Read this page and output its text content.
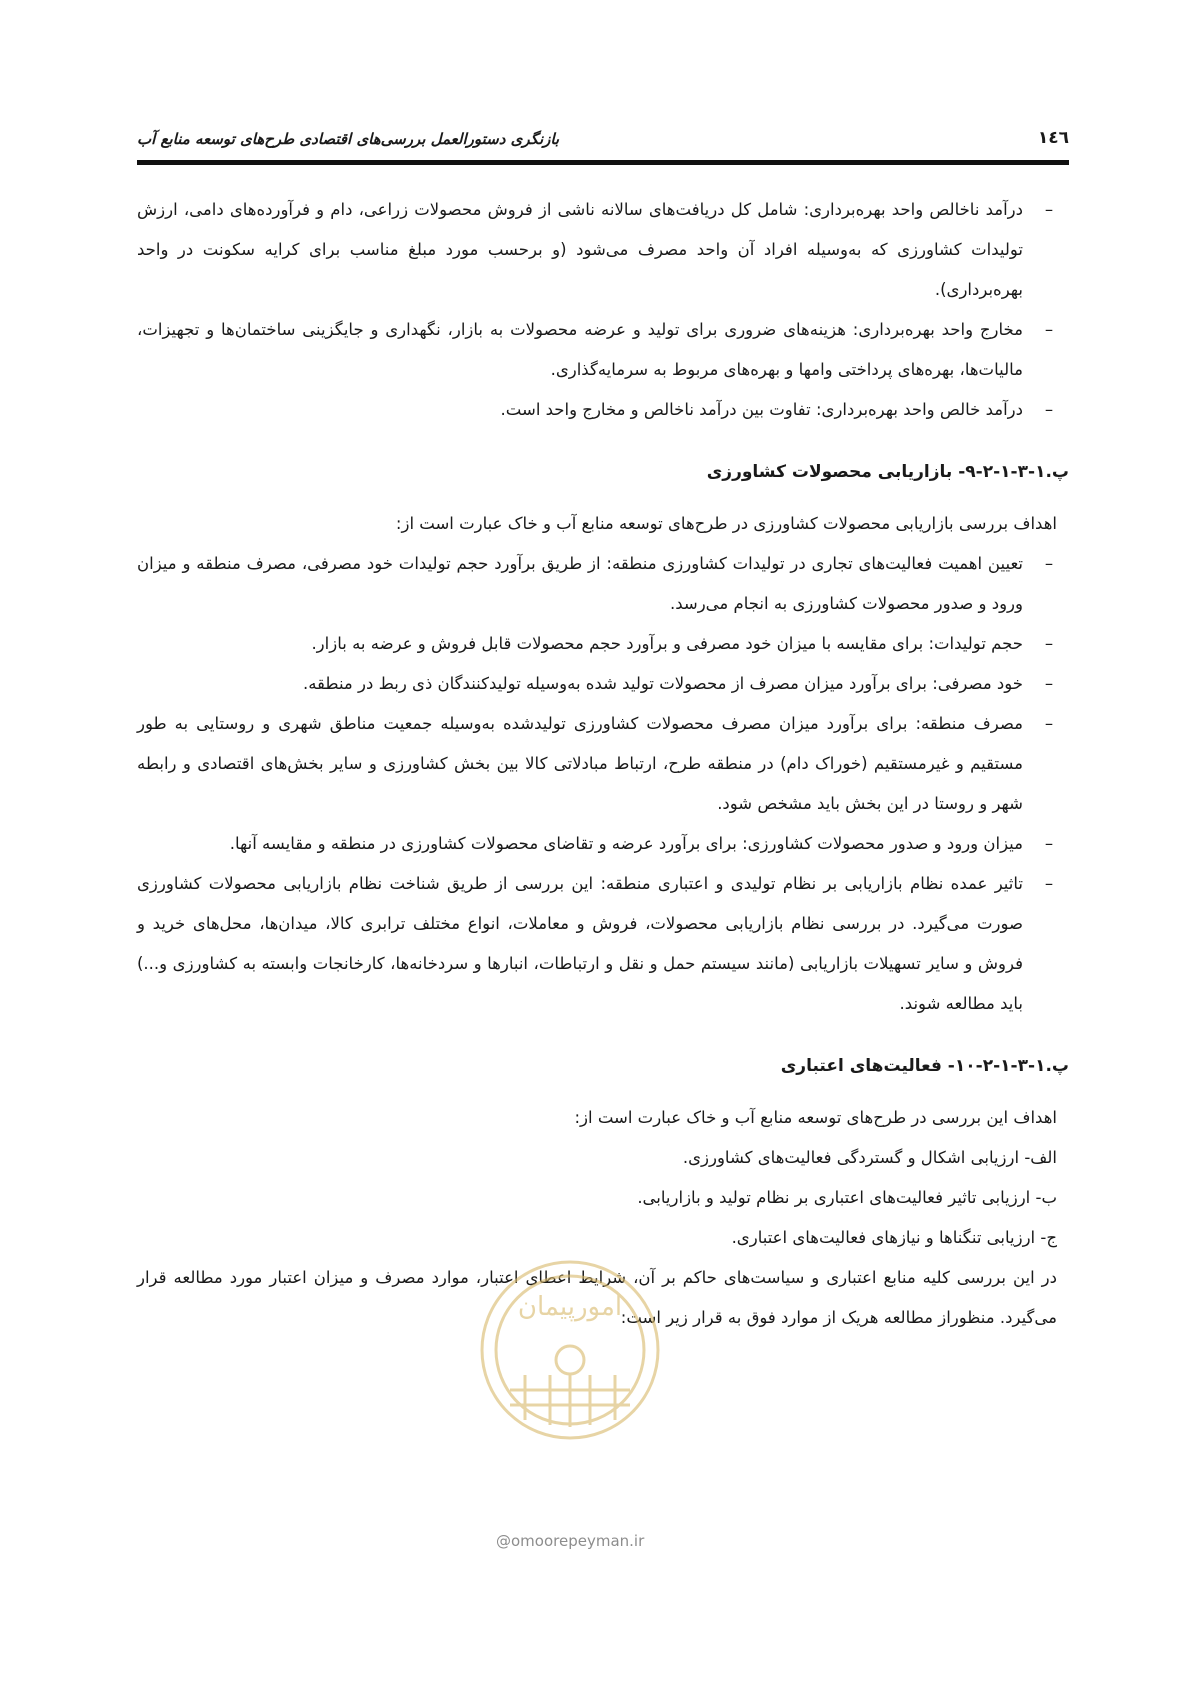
۱٤٦
بازنگری دستورالعمل بررسی‌های اقتصادی طرح‌های توسعه منابع آب
–
درآمد ناخالص واحد بهره‌برداری: شامل کل دریافت‌های سالانه ناشی از فروش محصولات زراعی، دام و فرآورده‌های دامی، ارزش تولیدات کشاورزی که به‌وسیله افراد آن واحد مصرف می‌شود (و برحسب مورد مبلغ مناسب برای کرایه سکونت در واحد بهره‌برداری).
–
مخارج واحد بهره‌برداری: هزینه‌های ضروری برای تولید و عرضه محصولات به بازار، نگهداری و جایگزینی ساختمان‌ها و تجهیزات، مالیات‌ها، بهره‌های پرداختی وامها و بهره‌های مربوط به سرمایه‌گذاری.
–
درآمد خالص واحد بهره‌برداری: تفاوت بین درآمد ناخالص و مخارج واحد است.
پ.۱-۳-۱-۲-۹- بازاریابی محصولات کشاورزی
اهداف بررسی بازاریابی محصولات کشاورزی در طرح‌های توسعه منابع آب و خاک عبارت است از:
–
تعیین اهمیت فعالیت‌های تجاری در تولیدات کشاورزی منطقه: از طریق برآورد حجم تولیدات خود مصرفی، مصرف منطقه و میزان ورود و صدور محصولات کشاورزی به انجام می‌رسد.
–
حجم تولیدات: برای مقایسه با میزان خود مصرفی و برآورد حجم محصولات قابل فروش و عرضه به بازار.
–
خود مصرفی: برای برآورد میزان مصرف از محصولات تولید شده به‌وسیله تولیدکنندگان ذی ربط در منطقه.
–
مصرف منطقه: برای برآورد میزان مصرف محصولات کشاورزی تولیدشده به‌وسیله جمعیت مناطق شهری و روستایی به طور مستقیم و غیرمستقیم (خوراک دام) در منطقه طرح، ارتباط مبادلاتی کالا بین بخش کشاورزی و سایر بخش‌های اقتصادی و رابطه شهر و روستا در این بخش باید مشخص شود.
–
میزان ورود و صدور محصولات کشاورزی: برای برآورد عرضه و تقاضای محصولات کشاورزی در منطقه و مقایسه آنها.
–
تاثیر عمده نظام بازاریابی بر نظام تولیدی و اعتباری منطقه: این بررسی از طریق شناخت نظام بازاریابی محصولات کشاورزی صورت می‌گیرد. در بررسی نظام بازاریابی محصولات، فروش و معاملات، انواع مختلف ترابری کالا، میدان‌ها، محل‌های خرید و فروش و سایر تسهیلات بازاریابی (مانند سیستم حمل و نقل و ارتباطات، انبارها و سردخانه‌ها، کارخانجات وابسته به کشاورزی و...) باید مطالعه شوند.
پ.۱-۳-۱-۲-۱۰- فعالیت‌های اعتباری
اهداف این بررسی در طرح‌های توسعه منابع آب و خاک عبارت است از:
الف- ارزیابی اشکال و گستردگی فعالیت‌های کشاورزی.
ب- ارزیابی تاثیر فعالیت‌های اعتباری بر نظام تولید و بازاریابی.
ج- ارزیابی تنگناها و نیازهای فعالیت‌های اعتباری.
در این بررسی کلیه منابع اعتباری و سیاست‌های حاکم بر آن، شرایط اعطای اعتبار، موارد مصرف و میزان اعتبار مورد مطالعه قرار می‌گیرد. منظوراز مطالعه هریک از موارد فوق به قرار زیر است:
امورپیمان
@omoorepeyman.ir
